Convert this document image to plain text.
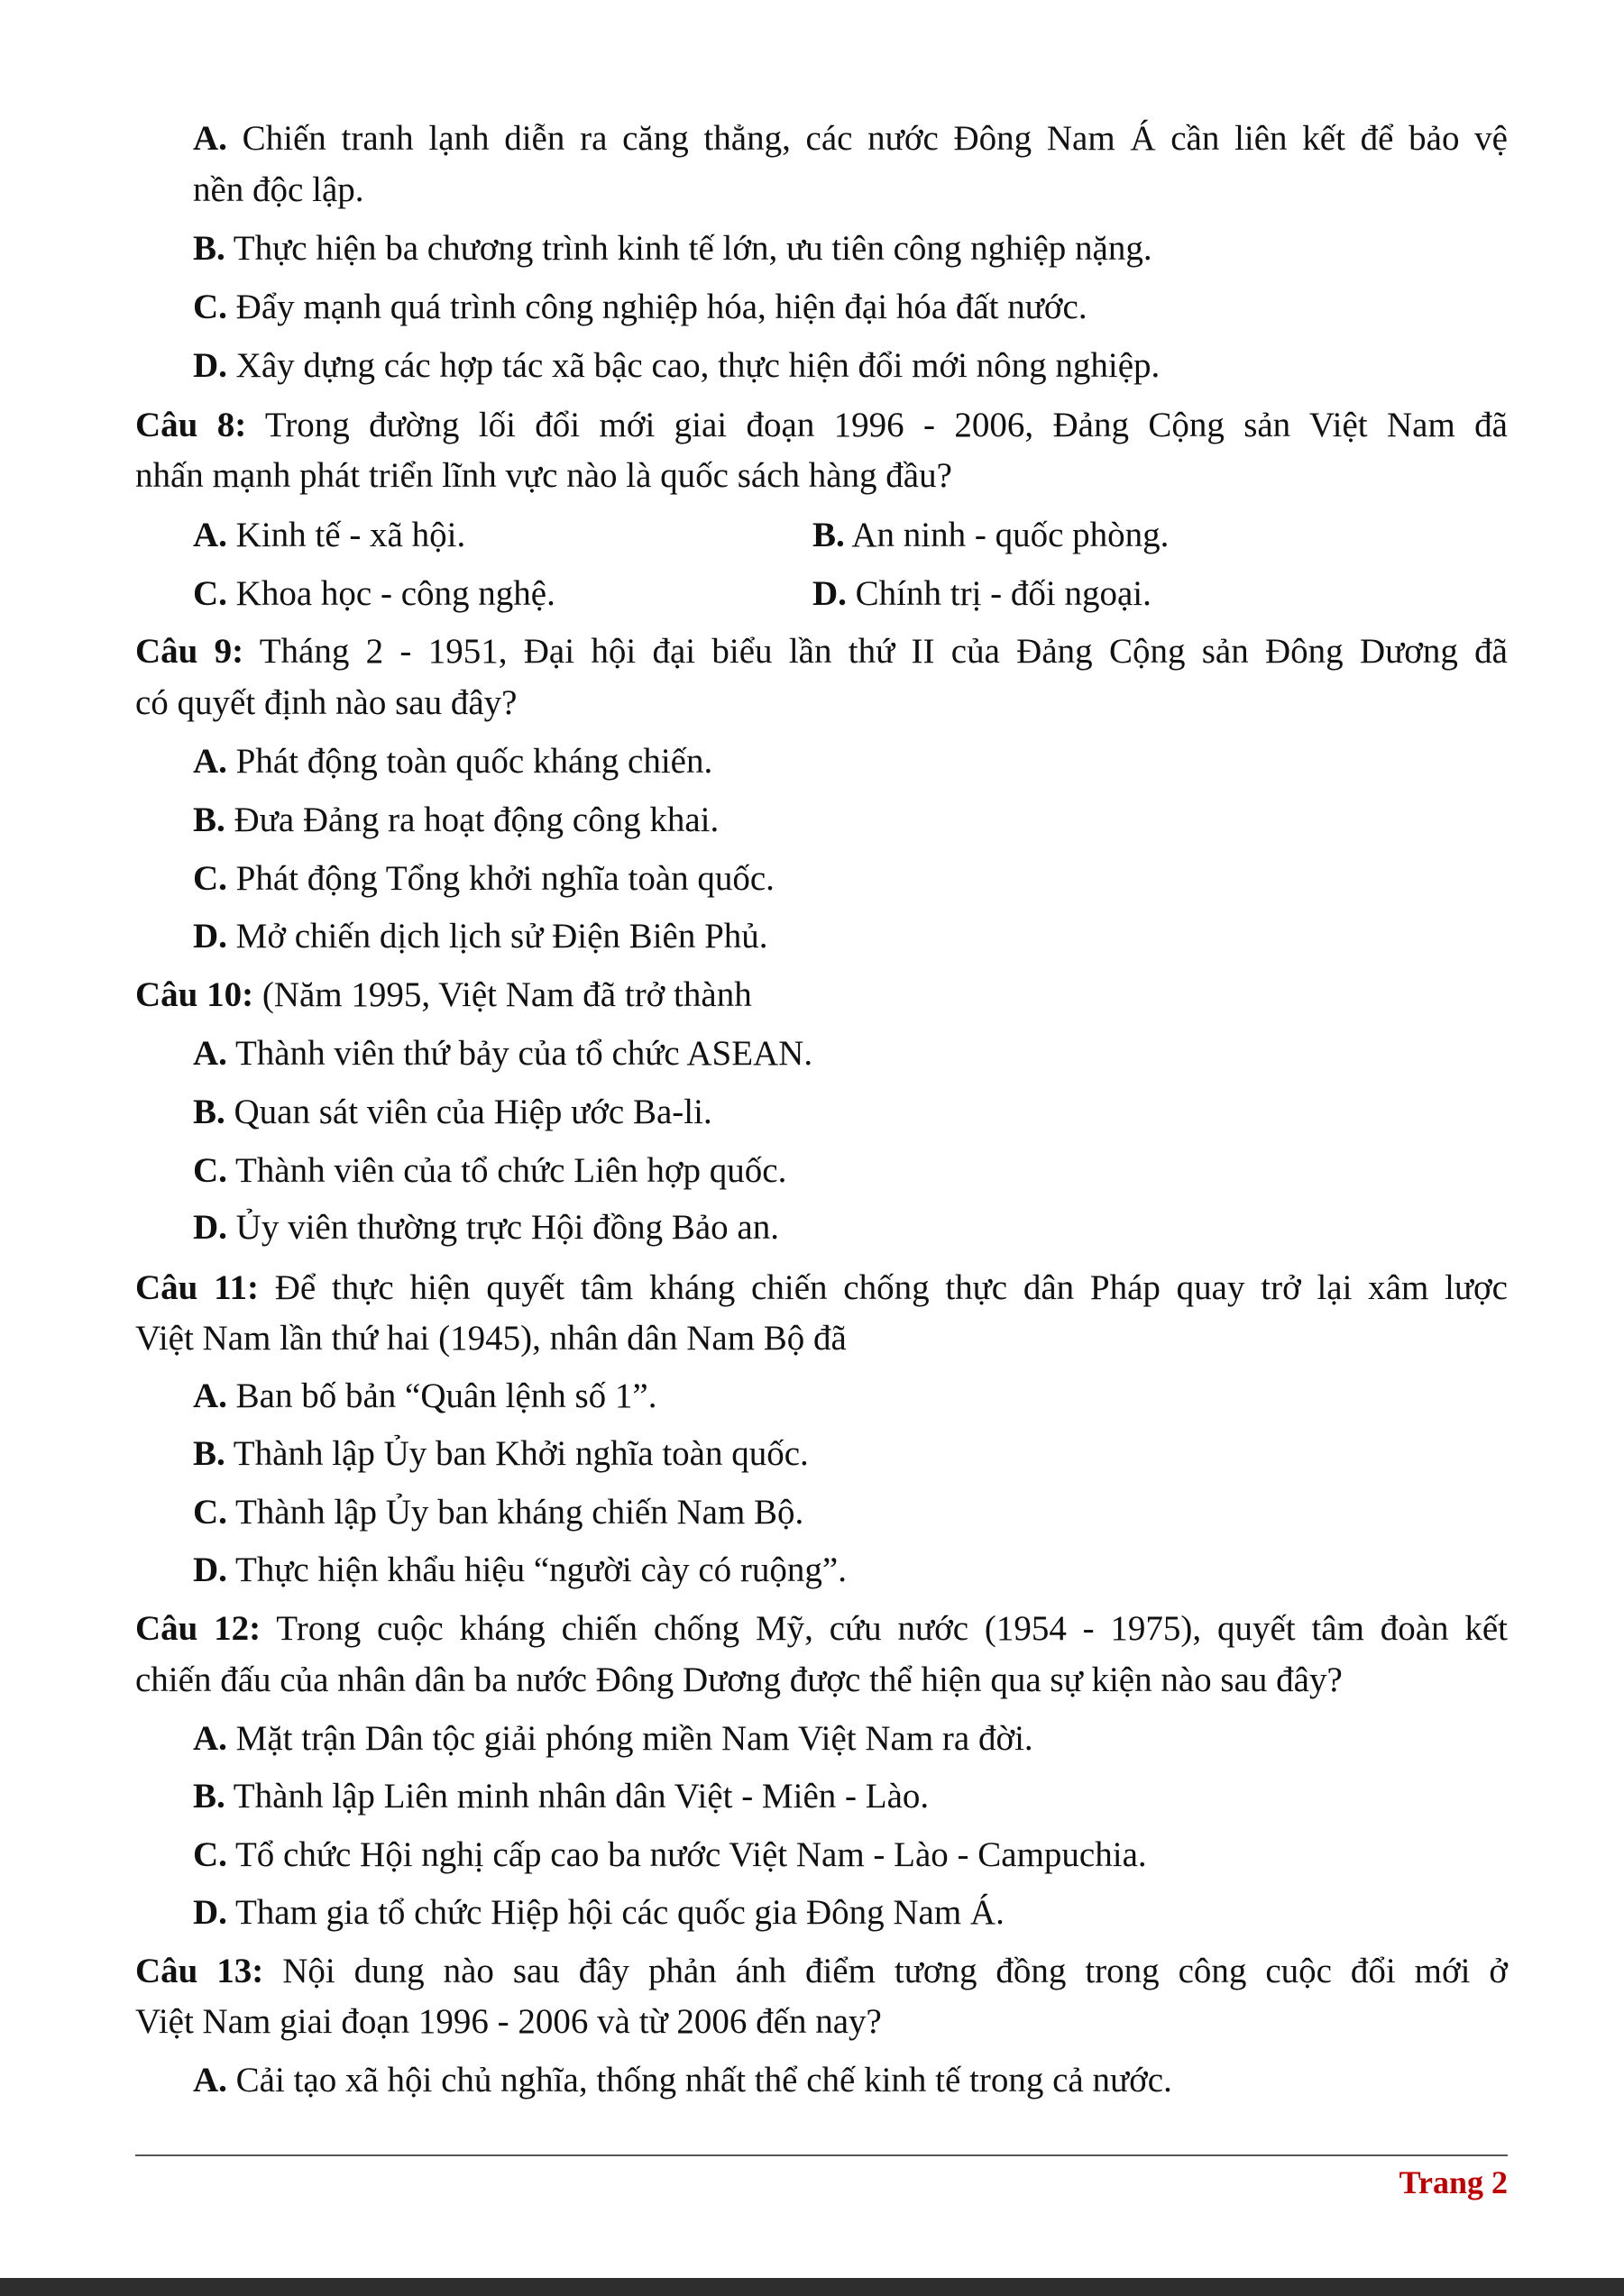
A. Chiến tranh lạnh diễn ra căng thẳng, các nước Đông Nam Á cần liên kết để bảo vệ
nền độc lập.
B. Thực hiện ba chương trình kinh tế lớn, ưu tiên công nghiệp nặng.
C. Đẩy mạnh quá trình công nghiệp hóa, hiện đại hóa đất nước.
D. Xây dựng các hợp tác xã bậc cao, thực hiện đổi mới nông nghiệp.
Câu 8: Trong đường lối đổi mới giai đoạn 1996 - 2006, Đảng Cộng sản Việt Nam đã
nhấn mạnh phát triển lĩnh vực nào là quốc sách hàng đầu?
A. Kinh tế - xã hội.	B. An ninh - quốc phòng.
C. Khoa học - công nghệ.	D. Chính trị - đối ngoại.
Câu 9: Tháng 2 - 1951, Đại hội đại biểu lần thứ II của Đảng Cộng sản Đông Dương đã
có quyết định nào sau đây?
A. Phát động toàn quốc kháng chiến.
B. Đưa Đảng ra hoạt động công khai.
C. Phát động Tổng khởi nghĩa toàn quốc.
D. Mở chiến dịch lịch sử Điện Biên Phủ.
Câu 10: (Năm 1995, Việt Nam đã trở thành
A. Thành viên thứ bảy của tổ chức ASEAN.
B. Quan sát viên của Hiệp ước Ba-li.
C. Thành viên của tổ chức Liên hợp quốc.
D. Ủy viên thường trực Hội đồng Bảo an.
Câu 11: Để thực hiện quyết tâm kháng chiến chống thực dân Pháp quay trở lại xâm lược
Việt Nam lần thứ hai (1945), nhân dân Nam Bộ đã
A. Ban bố bản “Quân lệnh số 1”.
B. Thành lập Ủy ban Khởi nghĩa toàn quốc.
C. Thành lập Ủy ban kháng chiến Nam Bộ.
D. Thực hiện khẩu hiệu “người cày có ruộng”.
Câu 12: Trong cuộc kháng chiến chống Mỹ, cứu nước (1954 - 1975), quyết tâm đoàn kết
chiến đấu của nhân dân ba nước Đông Dương được thể hiện qua sự kiện nào sau đây?
A. Mặt trận Dân tộc giải phóng miền Nam Việt Nam ra đời.
B. Thành lập Liên minh nhân dân Việt - Miên - Lào.
C. Tổ chức Hội nghị cấp cao ba nước Việt Nam - Lào - Campuchia.
D. Tham gia tổ chức Hiệp hội các quốc gia Đông Nam Á.
Câu 13: Nội dung nào sau đây phản ánh điểm tương đồng trong công cuộc đổi mới ở
Việt Nam giai đoạn 1996 - 2006 và từ 2006 đến nay?
A. Cải tạo xã hội chủ nghĩa, thống nhất thể chế kinh tế trong cả nước.
Trang 2
